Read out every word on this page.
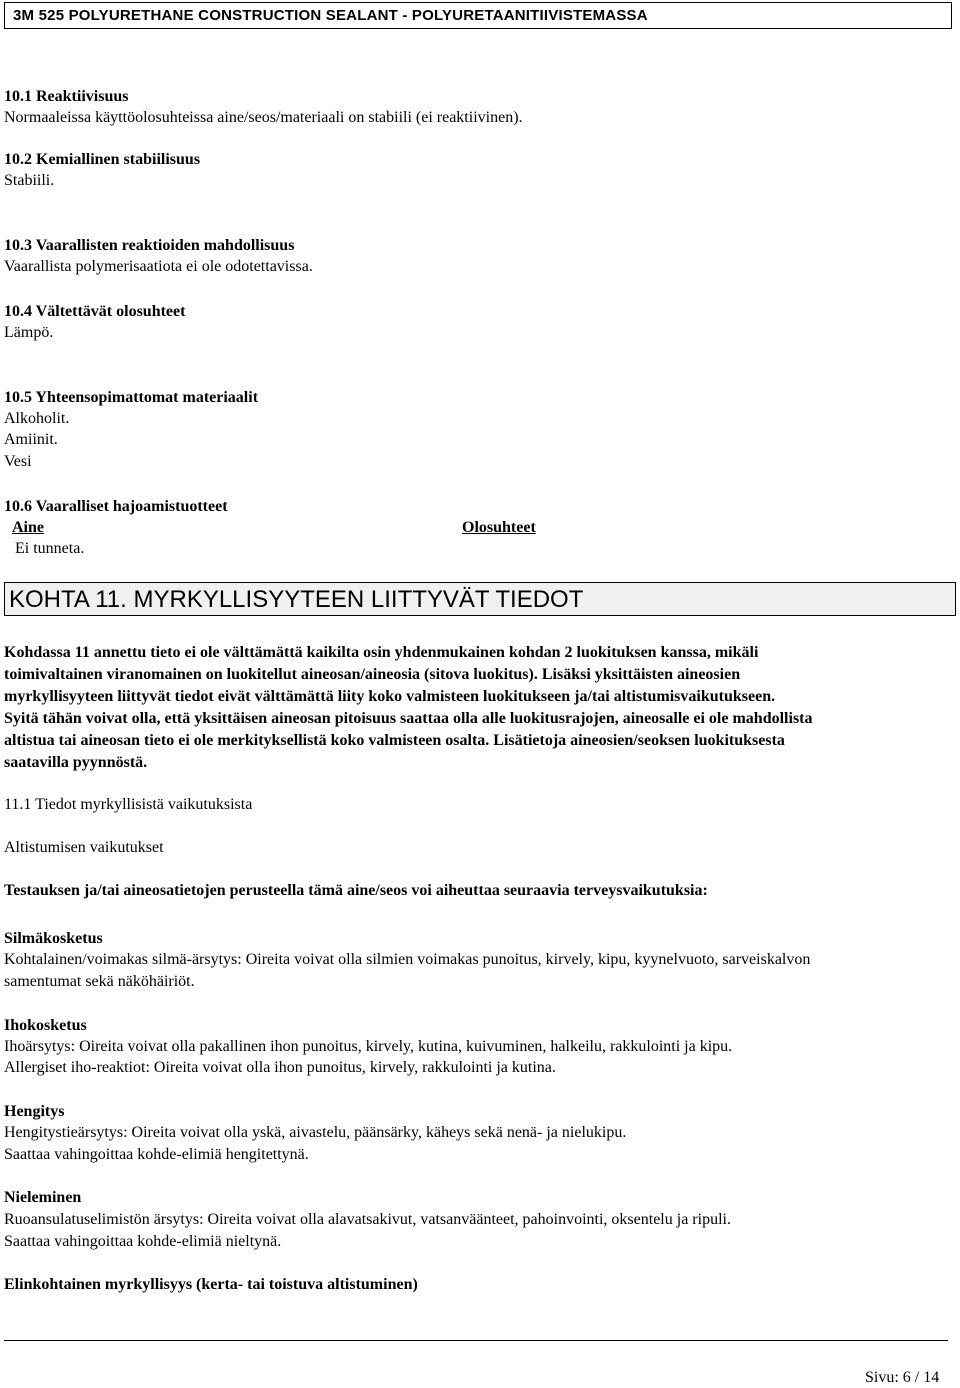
3M 525 POLYURETHANE CONSTRUCTION SEALANT - POLYURETAANITIIVISTEMASSA
10.1 Reaktiivisuus
Normaaleissa käyttöolosuhteissa aine/seos/materiaali on stabiili (ei reaktiivinen).
10.2 Kemiallinen stabiilisuus
Stabiili.
10.3 Vaarallisten reaktioiden mahdollisuus
Vaarallista polymerisaatiota ei ole odotettavissa.
10.4 Vältettävät olosuhteet
Lämpö.
10.5 Yhteensopimattomat materiaalit
Alkoholit.
Amiinit.
Vesi
10.6 Vaaralliset hajoamistuotteet
Aine	Olosuhteet
Ei tunneta.
KOHTA 11. MYRKYLLISYYTEEN LIITTYVÄT TIEDOT
Kohdassa 11 annettu tieto ei ole välttämättä kaikilta osin yhdenmukainen kohdan 2 luokituksen kanssa, mikäli
toimivaltainen viranomainen on luokitellut aineosan/aineosia (sitova luokitus). Lisäksi yksittäisten aineosien
myrkyllisyyteen liittyvät tiedot eivät välttämättä liity koko valmisteen luokitukseen ja/tai altistumisvaikutukseen.
Syitä tähän voivat olla, että yksittäisen aineosan pitoisuus saattaa olla alle luokitusrajojen, aineosalle ei ole mahdollista
altistua tai aineosan tieto ei ole merkityksellistä koko valmisteen osalta. Lisätietoja aineosien/seoksen luokituksesta
saatavilla pyynnöstä.
11.1 Tiedot myrkyllisistä vaikutuksista
Altistumisen vaikutukset
Testauksen ja/tai aineosatietojen perusteella tämä aine/seos voi aiheuttaa seuraavia terveysvaikutuksia:
Silmäkosketus
Kohtalainen/voimakas silmä-ärsytys: Oireita voivat olla silmien voimakas punoitus, kirvely, kipu, kyynelvuoto, sarveiskalvon
samentumat sekä näköhäiriöt.
Ihokosketus
Ihoärsytys: Oireita voivat olla pakallinen ihon punoitus, kirvely, kutina, kuivuminen, halkeilu, rakkulointi ja kipu.
Allergiset iho-reaktiot: Oireita voivat olla ihon punoitus, kirvely, rakkulointi ja kutina.
Hengitys
Hengitystieärsytys: Oireita voivat olla yskä, aivastelu, päänsärky, käheys sekä nenä- ja nielukipu.
Saattaa vahingoittaa kohde-elimiä hengitettynä.
Nieleminen
Ruoansulatuselimistön ärsytys: Oireita voivat olla alavatsakivut, vatsanväänteet, pahoinvointi, oksentelu ja ripuli.
Saattaa vahingoittaa kohde-elimiä nieltynä.
Elinkohtainen myrkyllisyys (kerta- tai toistuva altistuminen)
Sivu: 6 / 14
